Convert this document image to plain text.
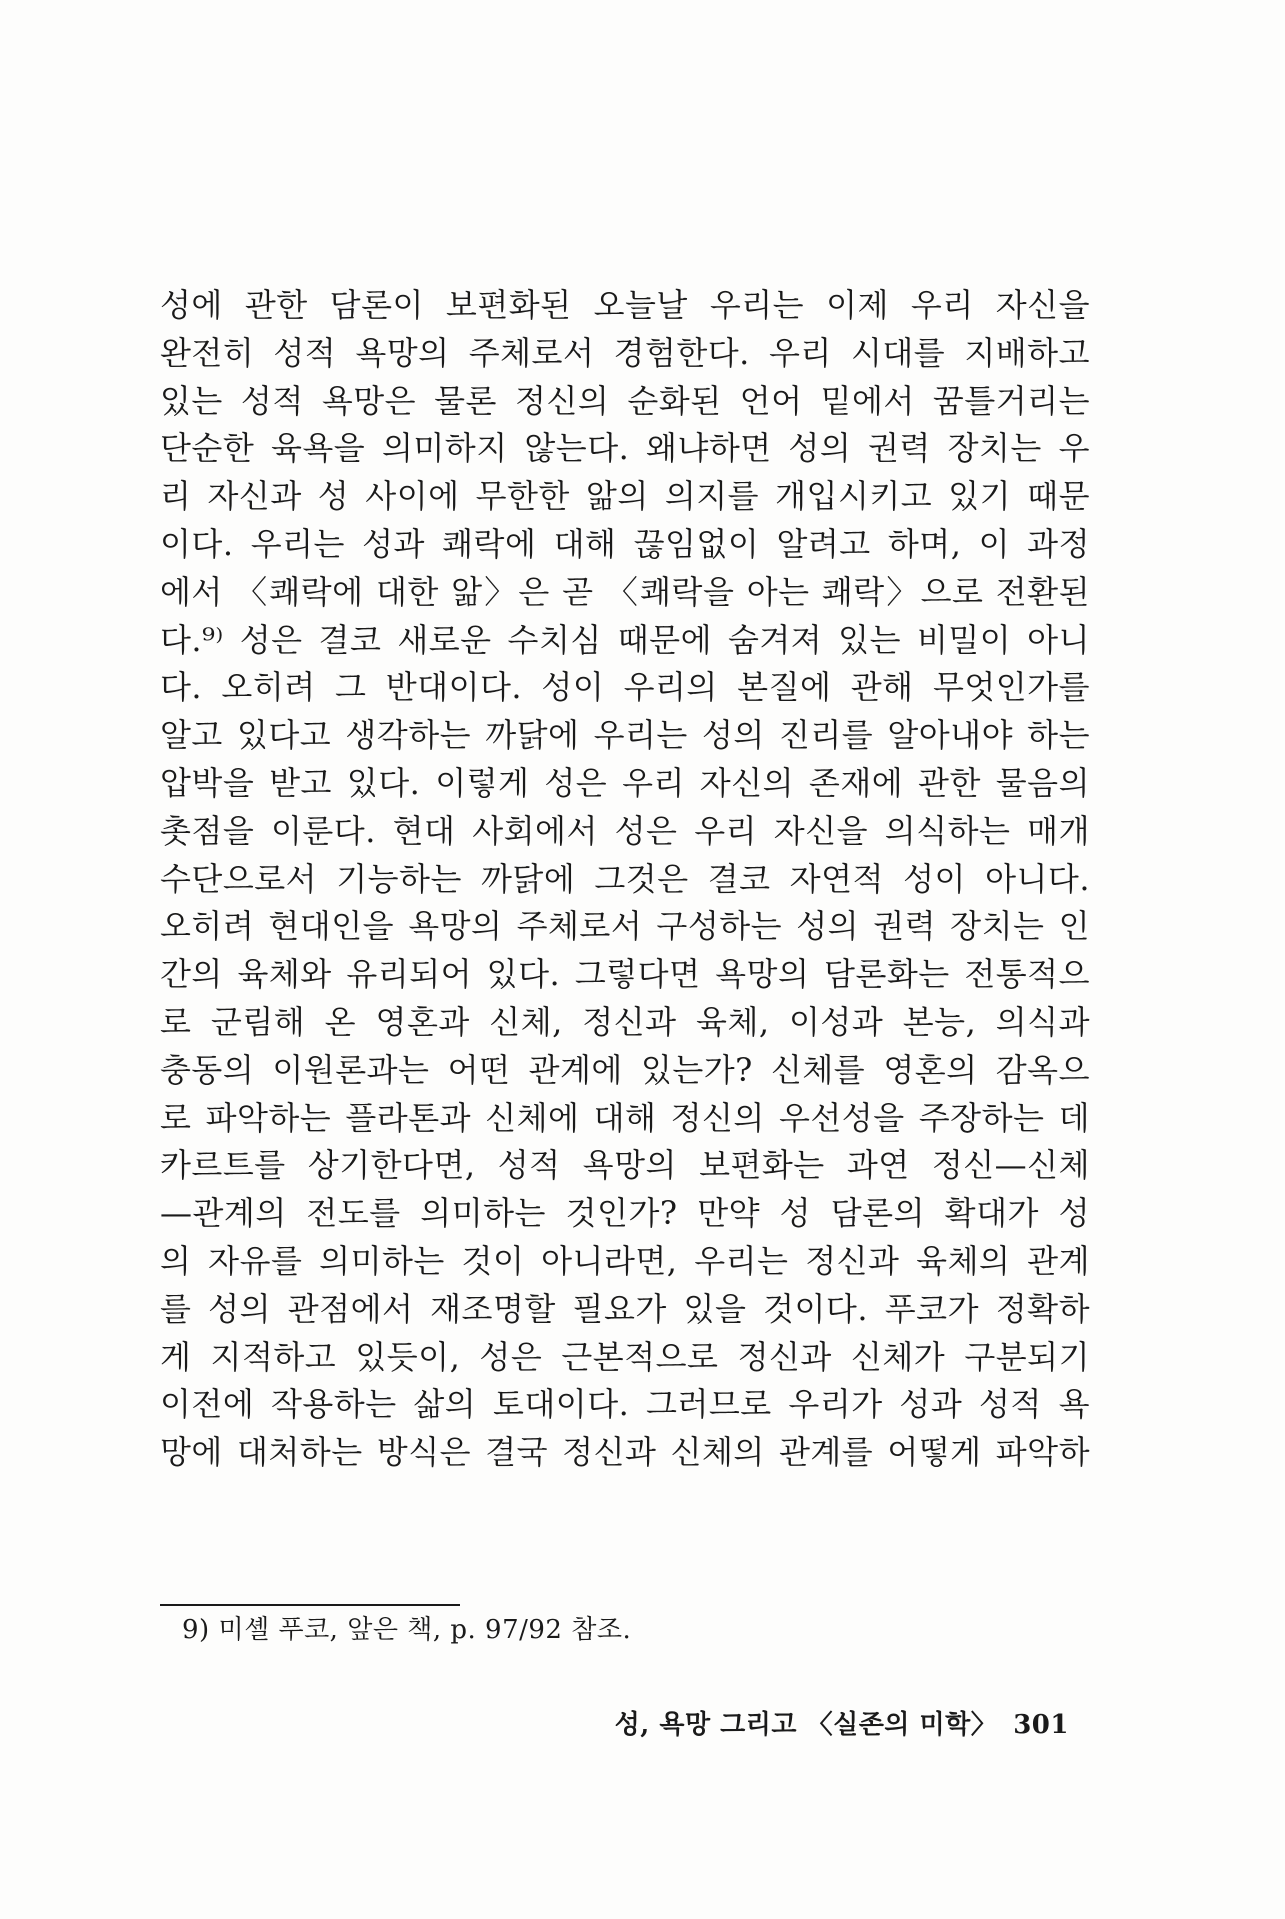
성에 관한 담론이 보편화된 오늘날 우리는 이제 우리 자신을
완전히 성적 욕망의 주체로서 경험한다. 우리 시대를 지배하고
있는 성적 욕망은 물론 정신의 순화된 언어 밑에서 꿈틀거리는
단순한 육욕을 의미하지 않는다. 왜냐하면 성의 권력 장치는 우
리 자신과 성 사이에 무한한 앎의 의지를 개입시키고 있기 때문
이다. 우리는 성과 쾌락에 대해 끊임없이 알려고 하며, 이 과정
에서 〈쾌락에 대한 앎〉은 곧 〈쾌락을 아는 쾌락〉으로 전환된
다.⁹⁾ 성은 결코 새로운 수치심 때문에 숨겨져 있는 비밀이 아니
다. 오히려 그 반대이다. 성이 우리의 본질에 관해 무엇인가를
알고 있다고 생각하는 까닭에 우리는 성의 진리를 알아내야 하는
압박을 받고 있다. 이렇게 성은 우리 자신의 존재에 관한 물음의
촛점을 이룬다. 현대 사회에서 성은 우리 자신을 의식하는 매개
수단으로서 기능하는 까닭에 그것은 결코 자연적 성이 아니다.
오히려 현대인을 욕망의 주체로서 구성하는 성의 권력 장치는 인
간의 육체와 유리되어 있다. 그렇다면 욕망의 담론화는 전통적으
로 군림해 온 영혼과 신체, 정신과 육체, 이성과 본능, 의식과
충동의 이원론과는 어떤 관계에 있는가? 신체를 영혼의 감옥으
로 파악하는 플라톤과 신체에 대해 정신의 우선성을 주장하는 데
카르트를 상기한다면, 성적 욕망의 보편화는 과연 정신—신체
—관계의 전도를 의미하는 것인가? 만약 성 담론의 확대가 성
의 자유를 의미하는 것이 아니라면, 우리는 정신과 육체의 관계
를 성의 관점에서 재조명할 필요가 있을 것이다. 푸코가 정확하
게 지적하고 있듯이, 성은 근본적으로 정신과 신체가 구분되기
이전에 작용하는 삶의 토대이다. 그러므로 우리가 성과 성적 욕
망에 대처하는 방식은 결국 정신과 신체의 관계를 어떻게 파악하
9) 미셸 푸코, 앞은 책, p. 97/92 참조.
성, 욕망 그리고 〈실존의 미학〉 301
